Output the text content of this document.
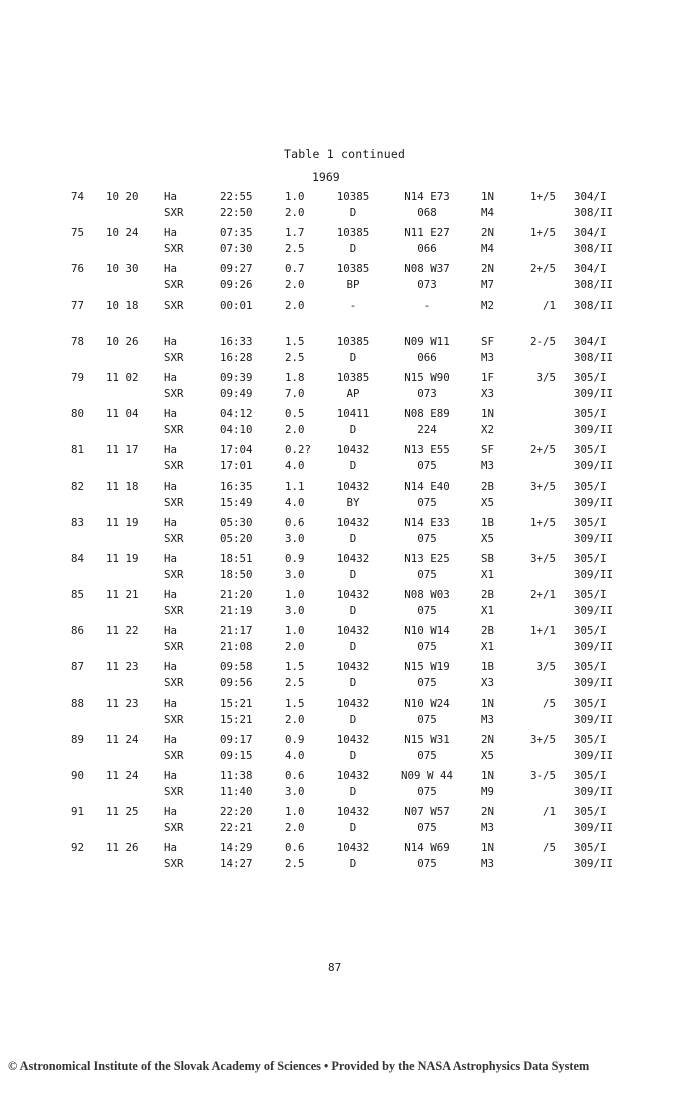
Table 1 continued
1969
74 10 20 Ha	22:55	1.0	10385	N14 E73	1N	1+/5 304/I
SXR	22:50	2.0	D	068	M4	308/II
75 10 24 Ha	07:35	1.7	10385	N11 E27	2N	1+/5 304/I
SXR	07:30	2.5	D	066	M4	308/II
76 10 30 Ha	09:27	0.7	10385	N08 W37	2N	2+/5 304/I
SXR	09:26	2.0	BP	073	M7	308/II
77 10 18 SXR	00:01	2.0	-	-	M2	/1 308/II
78 10 26 Ha	16:33	1.5	10385	N09 W11	SF	2-/5 304/I
SXR	16:28	2.5	D	066	M3	308/II
79 11 02 Ha	09:39	1.8	10385	N15 W90	1F	3/5 305/I
SXR	09:49	7.0	AP	073	X3	309/II
80 11 04 Ha	04:12	0.5	10411	N08 E89	1N	305/I
SXR	04:10	2.0	D	224	X2	309/II
81 11 17 Ha	17:04	0.2?	10432	N13 E55	SF	2+/5 305/I
SXR	17:01	4.0	D	075	M3	309/II
82 11 18 Ha	16:35	1.1	10432	N14 E40	2B	3+/5 305/I
SXR	15:49	4.0	BY	075	X5	309/II
83 11 19 Ha	05:30	0.6	10432	N14 E33	1B	1+/5 305/I
SXR	05:20	3.0	D	075	X5	309/II
84 11 19 Ha	18:51	0.9	10432	N13 E25	SB	3+/5 305/I
SXR	18:50	3.0	D	075	X1	309/II
85 11 21 Ha	21:20	1.0	10432	N08 W03	2B	2+/1 305/I
SXR	21:19	3.0	D	075	X1	309/II
86 11 22 Ha	21:17	1.0	10432	N10 W14	2B	1+/1 305/I
SXR	21:08	2.0	D	075	X1	309/II
87 11 23 Ha	09:58	1.5	10432	N15 W19	1B	3/5 305/I
SXR	09:56	2.5	D	075	X3	309/II
88 11 23 Ha	15:21	1.5	10432	N10 W24	1N	/5 305/I
SXR	15:21	2.0	D	075	M3	309/II
89 11 24 Ha	09:17	0.9	10432	N15 W31	2N	3+/5 305/I
SXR	09:15	4.0	D	075	X5	309/II
90 11 24 Ha	11:38	0.6	10432	N09 W 44	1N	3-/5 305/I
SXR	11:40	3.0	D	075	M9	309/II
91 11 25 Ha	22:20	1.0	10432	N07 W57	2N	/1 305/I
SXR	22:21	2.0	D	075	M3	309/II
92 11 26 Ha	14:29	0.6	10432	N14 W69	1N	/5 305/I
SXR	14:27	2.5	D	075	M3	309/II
87
© Astronomical Institute of the Slovak Academy of Sciences • Provided by the NASA Astrophysics Data System
